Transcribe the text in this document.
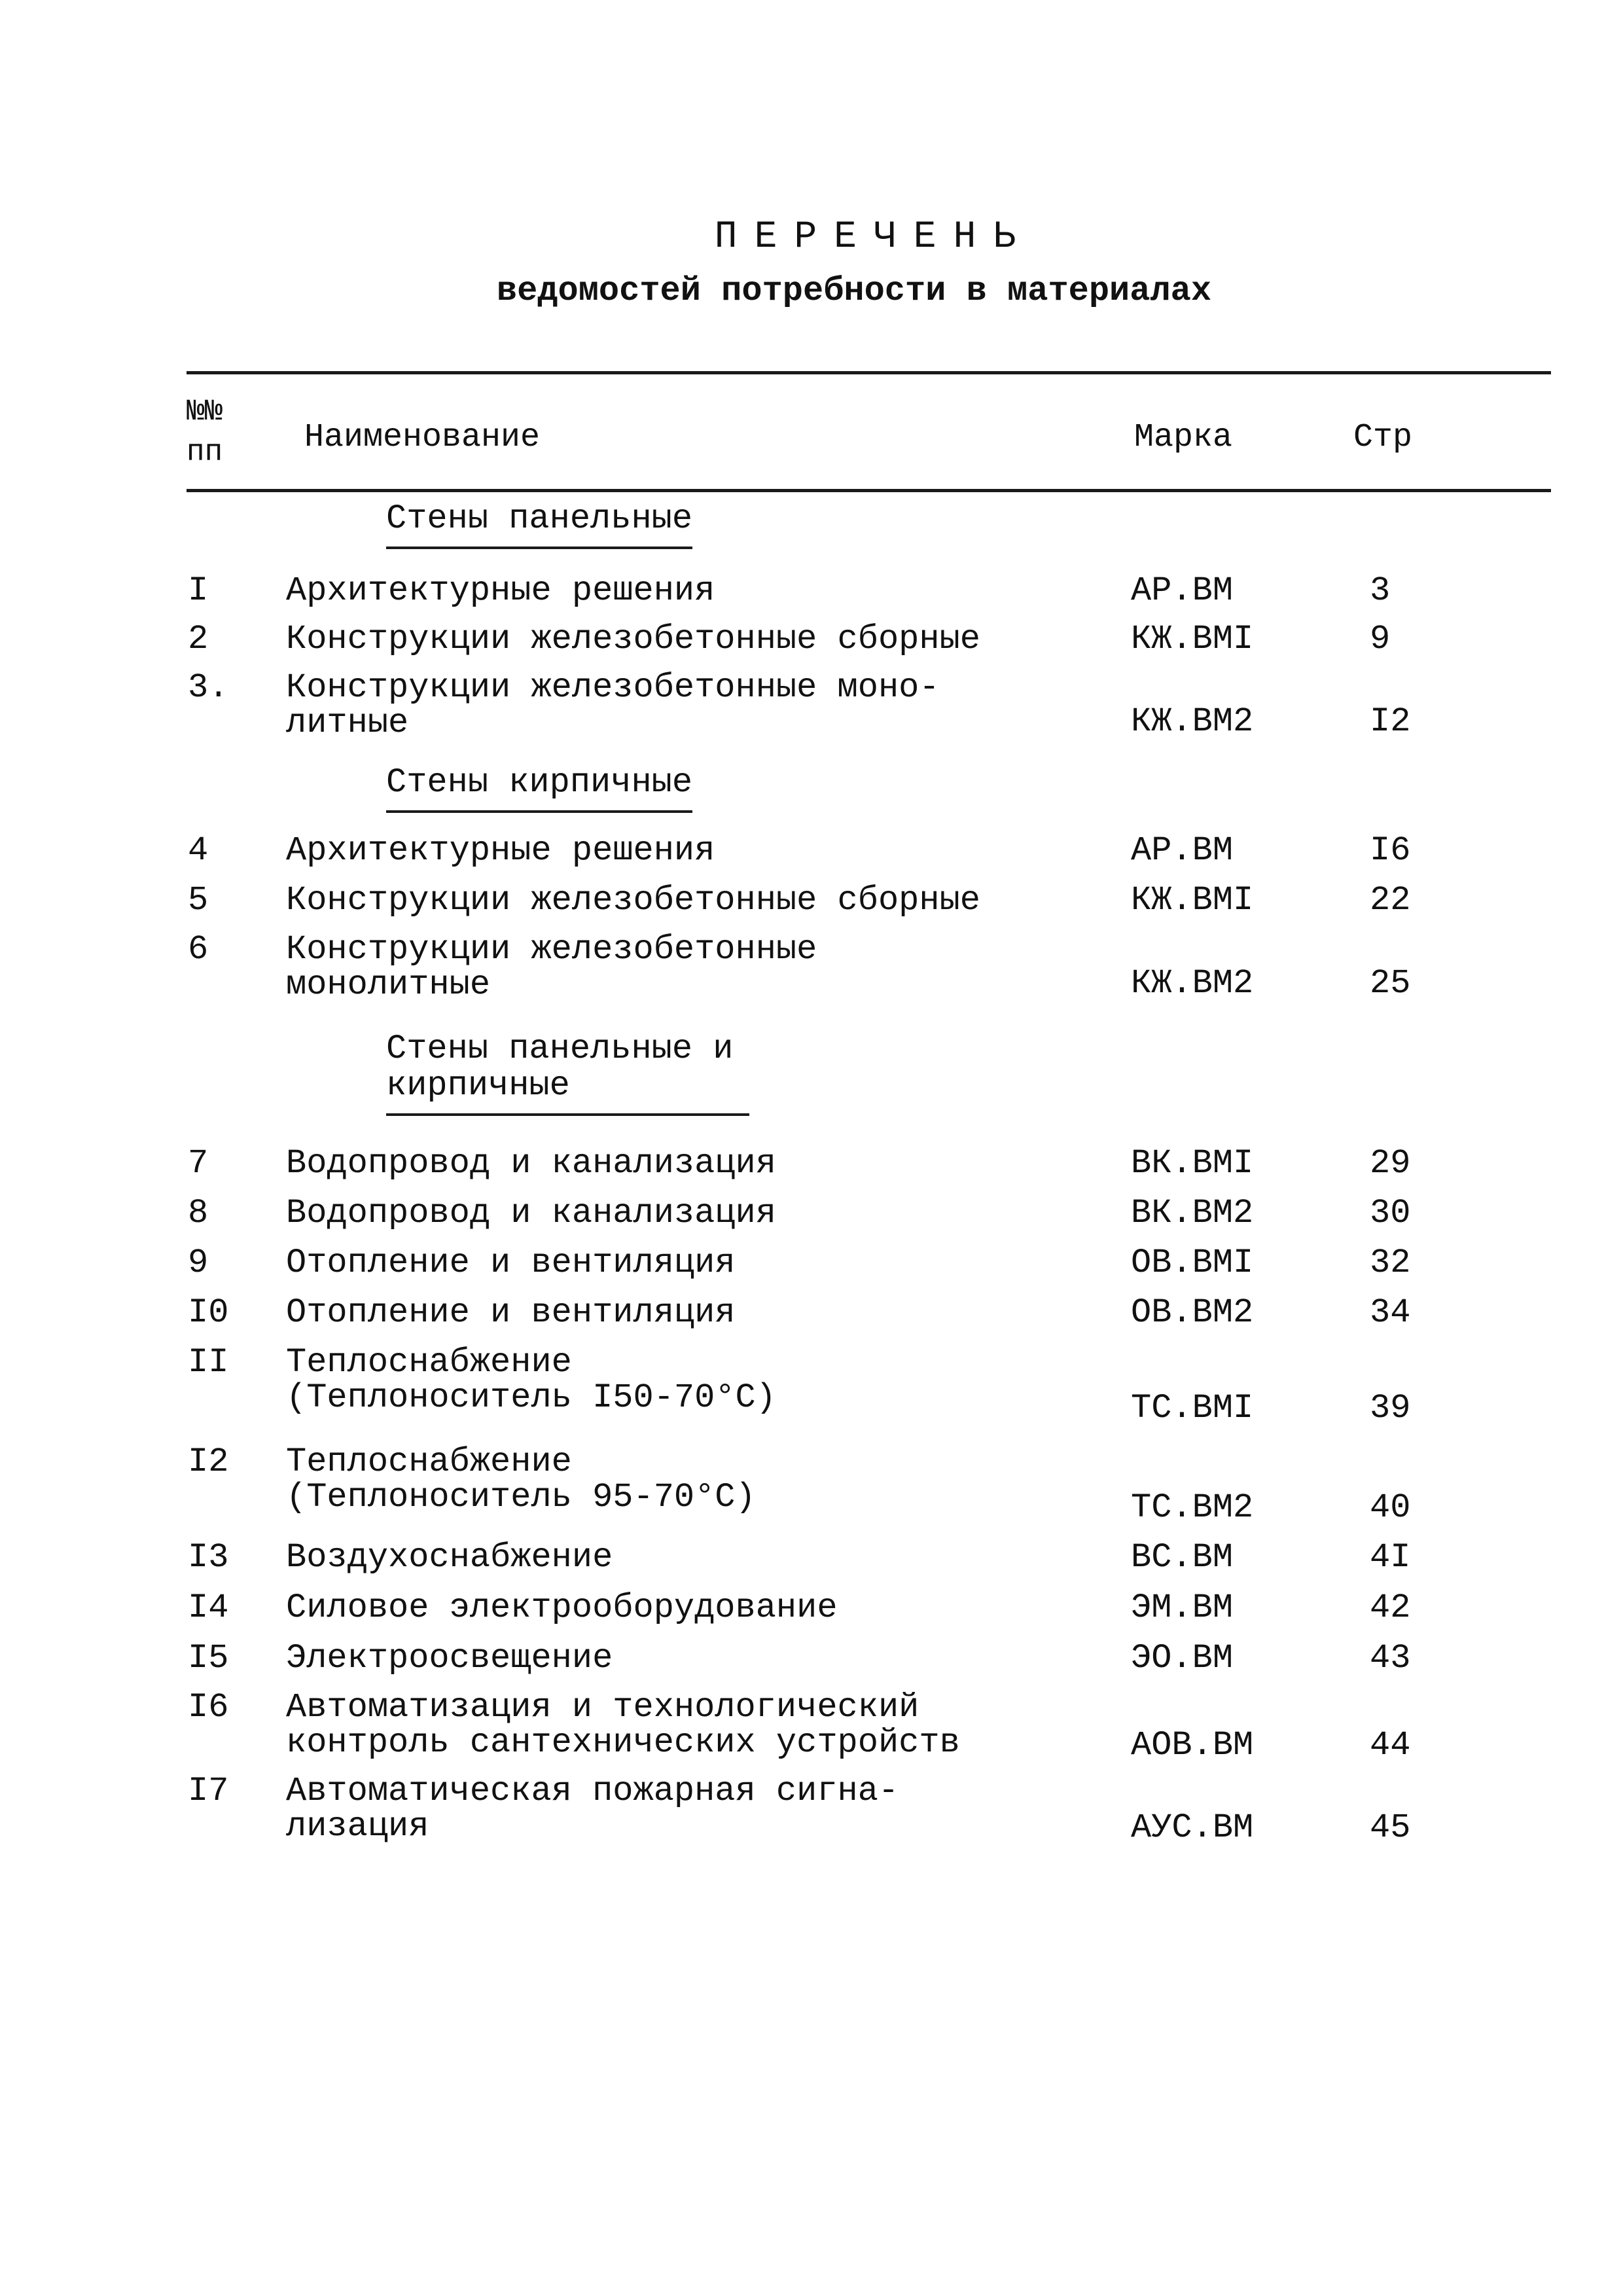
ПЕРЕЧЕНЬ
ведомостей потребности в материалах
№№
пп Наименование	Марка	Стр
Стены панельные
I Архитектурные решения	АР.ВМ	3
2 Конструкции железобетонные сборные	КЖ.ВМI	9
3. Конструкции железобетонные моно-
литные	КЖ.ВМ2	I2
Стены кирпичные
4 Архитектурные решения	АР.ВМ	I6
5 Конструкции железобетонные сборные	КЖ.ВМI	22
6 Конструкции железобетонные
монолитные	КЖ.ВМ2	25
Стены панельные и
кирпичные
7 Водопровод и канализация	ВК.ВМI	29
8 Водопровод и канализация	ВК.ВМ2	30
9 Отопление и вентиляция	ОВ.ВМI	32
I0 Отопление и вентиляция	ОВ.ВМ2	34
II Теплоснабжение
(Теплоноситель I50-70°С)	ТС.ВМI	39
I2 Теплоснабжение
(Теплоноситель 95-70°С)	ТС.ВМ2	40
I3 Воздухоснабжение	ВС.ВМ	4I
I4 Силовое электрооборудование	ЭМ.ВМ	42
I5 Электроосвещение	ЭО.ВМ	43
I6 Автоматизация и технологический
контроль сантехнических устройств	АОВ.ВМ	44
I7 Автоматическая пожарная сигна-
лизация	АУС.ВМ	45
